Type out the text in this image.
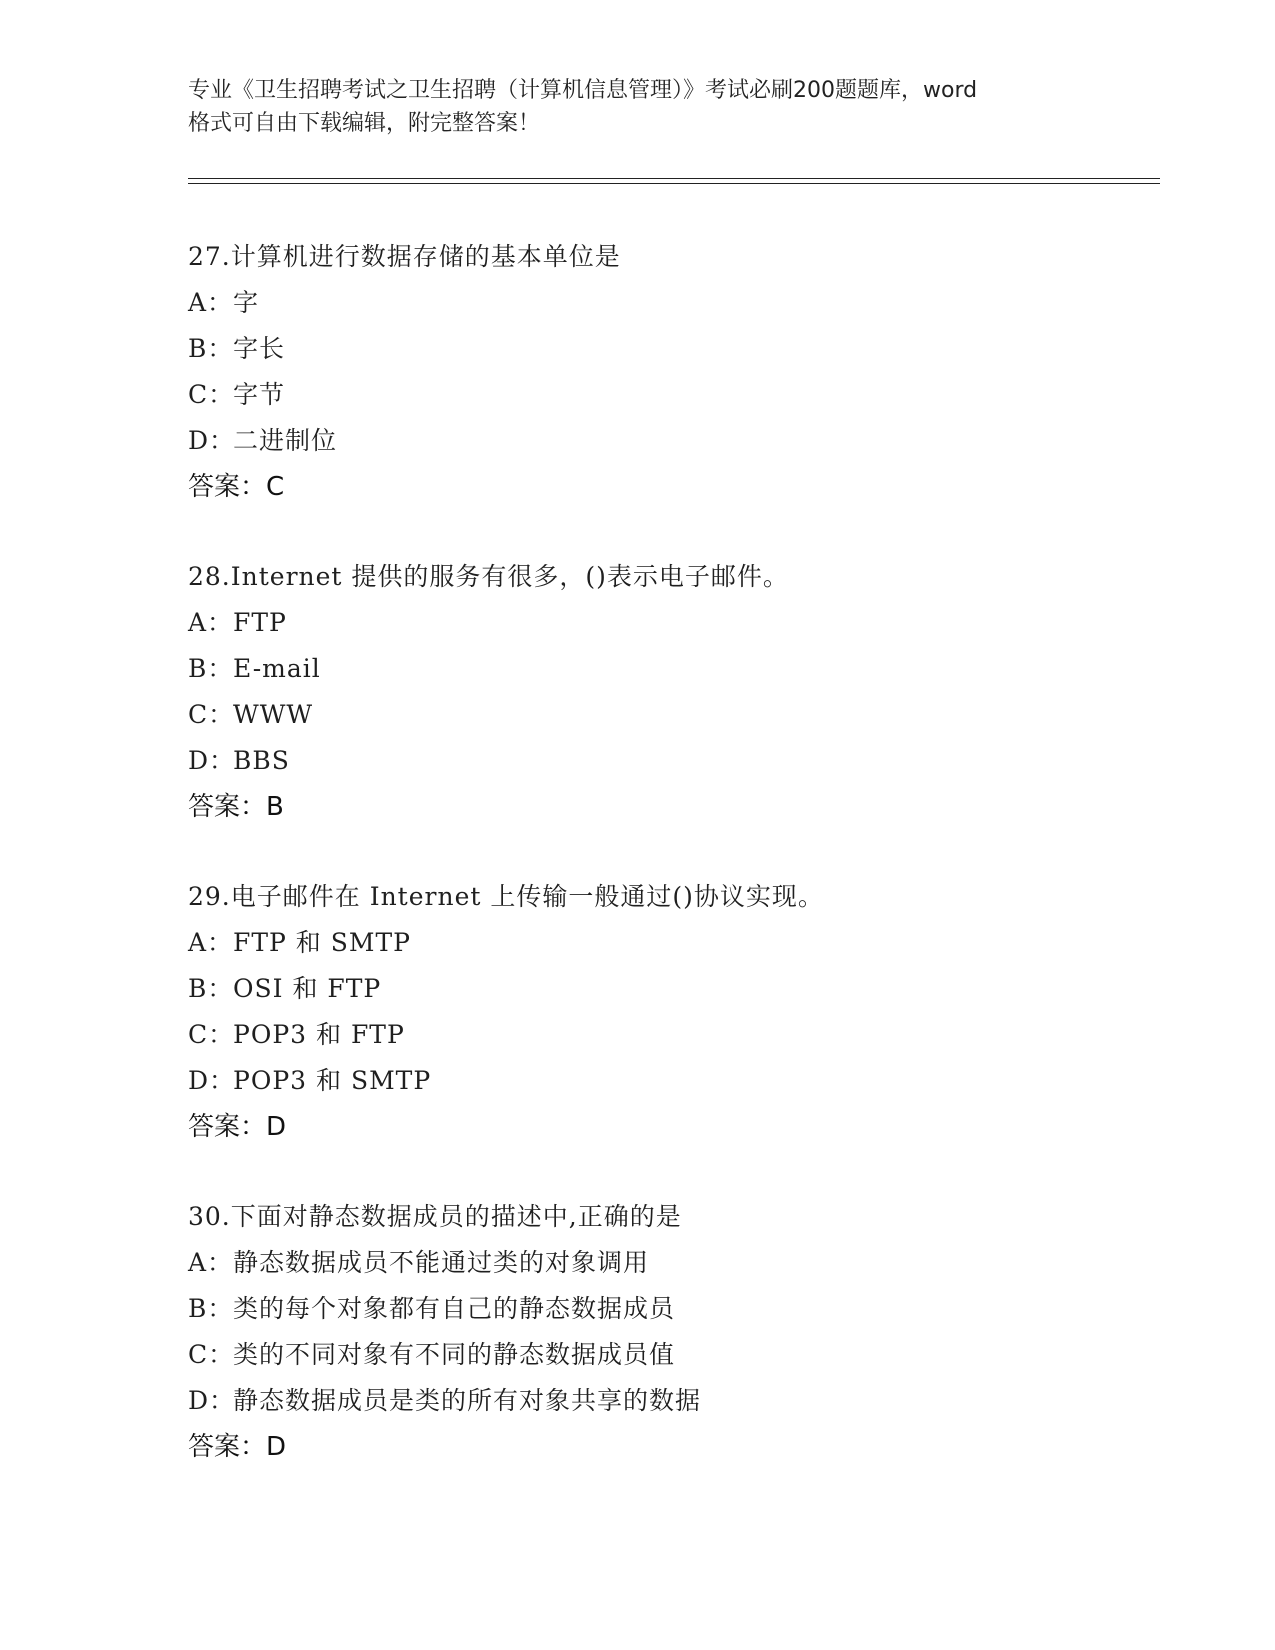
专业《卫生招聘考试之卫生招聘（计算机信息管理）》考试必刷200题题库，word
格式可自由下载编辑，附完整答案！
27.计算机进行数据存储的基本单位是
A：字
B：字长
C：字节
D：二进制位
答案：C
28.Internet 提供的服务有很多，()表示电子邮件。
A：FTP
B：E-mail
C：WWW
D：BBS
答案：B
29.电子邮件在 Internet 上传输一般通过()协议实现。
A：FTP 和 SMTP
B：OSI 和 FTP
C：POP3 和 FTP
D：POP3 和 SMTP
答案：D
30.下面对静态数据成员的描述中,正确的是
A：静态数据成员不能通过类的对象调用
B：类的每个对象都有自己的静态数据成员
C：类的不同对象有不同的静态数据成员值
D：静态数据成员是类的所有对象共享的数据
答案：D
